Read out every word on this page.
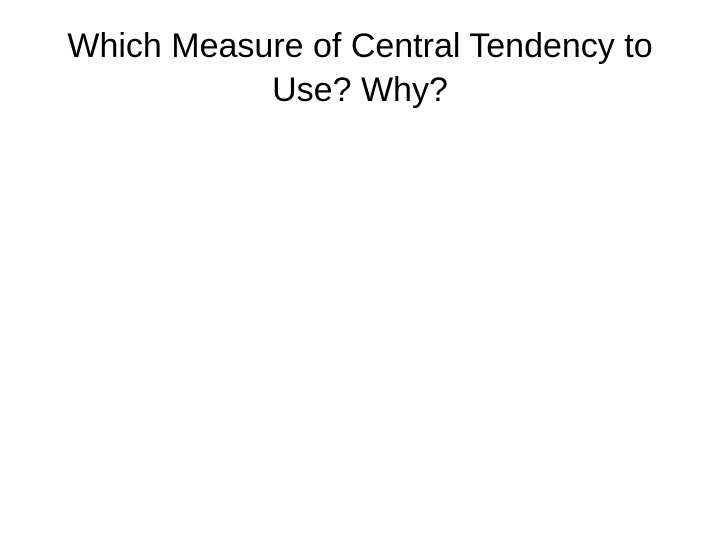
Which Measure of Central Tendency to
Use? Why?
